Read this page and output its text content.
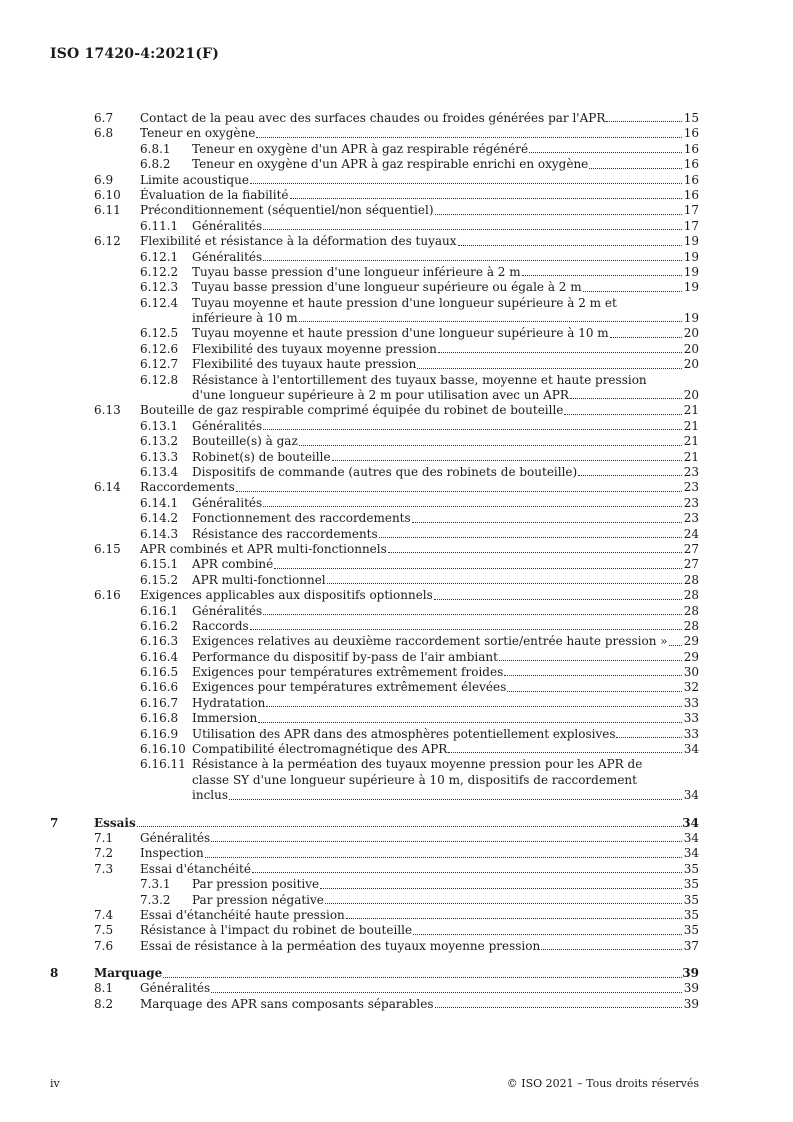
ISO 17420-4:2021(F)
6.7 Contact de la peau avec des surfaces chaudes ou froides générées par l'APR	15
6.8 Teneur en oxygène	16
6.8.1 Teneur en oxygène d'un APR à gaz respirable régénéré	16
6.8.2 Teneur en oxygène d'un APR à gaz respirable enrichi en oxygène	16
6.9 Limite acoustique	16
6.10 Évaluation de la fiabilité	16
6.11 Préconditionnement (séquentiel/non séquentiel)	17
6.11.1 Généralités	17
6.12 Flexibilité et résistance à la déformation des tuyaux	19
6.12.1 Généralités	19
6.12.2 Tuyau basse pression d'une longueur inférieure à 2 m	19
6.12.3 Tuyau basse pression d'une longueur supérieure ou égale à 2 m	19
6.12.4 Tuyau moyenne et haute pression d'une longueur supérieure à 2 m et
inférieure à 10 m	19
6.12.5 Tuyau moyenne et haute pression d'une longueur supérieure à 10 m	20
6.12.6 Flexibilité des tuyaux moyenne pression	20
6.12.7 Flexibilité des tuyaux haute pression	20
6.12.8 Résistance à l'entortillement des tuyaux basse, moyenne et haute pression
d'une longueur supérieure à 2 m pour utilisation avec un APR	20
6.13 Bouteille de gaz respirable comprimé équipée du robinet de bouteille	21
6.13.1 Généralités	21
6.13.2 Bouteille(s) à gaz	21
6.13.3 Robinet(s) de bouteille	21
6.13.4 Dispositifs de commande (autres que des robinets de bouteille)	23
6.14 Raccordements	23
6.14.1 Généralités	23
6.14.2 Fonctionnement des raccordements	23
6.14.3 Résistance des raccordements	24
6.15 APR combinés et APR multi-fonctionnels	27
6.15.1 APR combiné	27
6.15.2 APR multi-fonctionnel	28
6.16 Exigences applicables aux dispositifs optionnels	28
6.16.1 Généralités	28
6.16.2 Raccords	28
6.16.3 Exigences relatives au deuxième raccordement sortie/entrée haute pression » 29
6.16.4 Performance du dispositif by-pass de l'air ambiant	29
6.16.5 Exigences pour températures extrêmement froides	30
6.16.6 Exigences pour températures extrêmement élevées	32
6.16.7 Hydratation	33
6.16.8 Immersion	33
6.16.9 Utilisation des APR dans des atmosphères potentiellement explosives	33
6.16.10 Compatibilité électromagnétique des APR	34
6.16.11 Résistance à la perméation des tuyaux moyenne pression pour les APR de
classe SY d'une longueur supérieure à 10 m, dispositifs de raccordement
inclus	34
7	Essais	34
7.1 Généralités	34
7.2 Inspection	34
7.3 Essai d'étanchéité	35
7.3.1 Par pression positive	35
7.3.2 Par pression négative	35
7.4 Essai d'étanchéité haute pression	35
7.5 Résistance à l'impact du robinet de bouteille	35
7.6 Essai de résistance à la perméation des tuyaux moyenne pression	37
8	Marquage	39
8.1 Généralités	39
8.2 Marquage des APR sans composants séparables	39
iv	© ISO 2021 – Tous droits réservés
